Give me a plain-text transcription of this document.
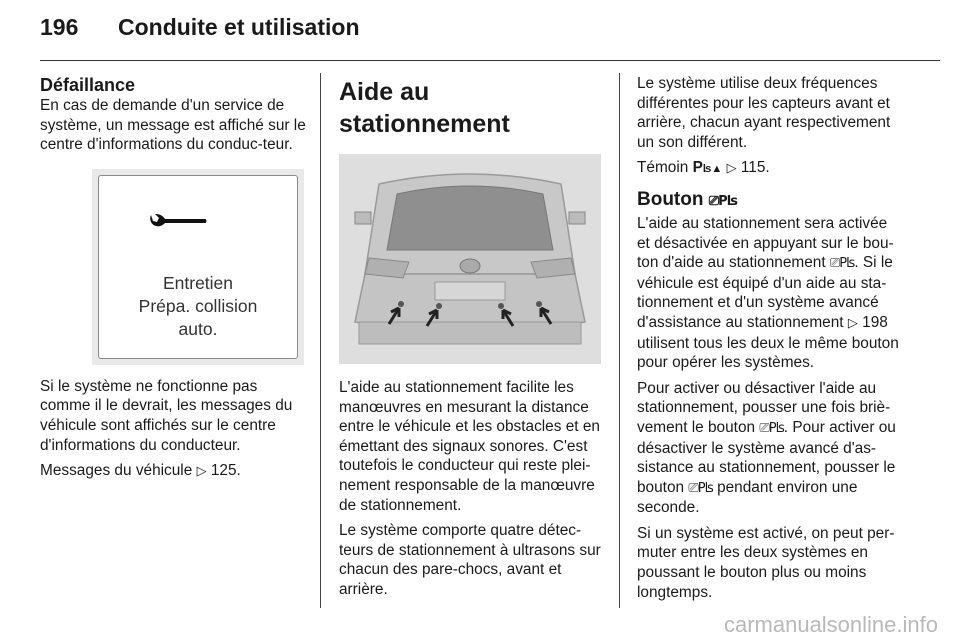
196 Conduite et utilisation
Défaillance

En cas de demande d'un service de système, un message est affiché sur le centre d'informations du conduc-teur.

Entretien
Prépa. collision
auto.

Si le système ne fonctionne pas comme il le devrait, les messages du véhicule sont affichés sur le centre d'informations du conducteur.

Messages du véhicule ▷ 125.

Aide au stationnement

L'aide au stationnement facilite les manœuvres en mesurant la distance entre le véhicule et les obstacles et en émettant des signaux sonores. C'est toutefois le conducteur qui reste plei-nement responsable de la manœuvre de stationnement.

Le système comporte quatre détec-teurs de stationnement à ultrasons sur chacun des pare-chocs, avant et arrière.

Le système utilise deux fréquences différentes pour les capteurs avant et arrière, chacun ayant respectivement un son différent.

Témoin Pʪ▲ ▷ 115.

Bouton ⎚Pʪ

L'aide au stationnement sera activée et désactivée en appuyant sur le bou-ton d'aide au stationnement ⎚Pʪ. Si le véhicule est équipé d'un aide au sta-tionnement et d'un système avancé d'assistance au stationnement ▷ 198 utilisent tous les deux le même bouton pour opérer les systèmes.

Pour activer ou désactiver l'aide au stationnement, pousser une fois briè-vement le bouton ⎚Pʪ. Pour activer ou désactiver le système avancé d'as-sistance au stationnement, pousser le bouton ⎚Pʪ pendant environ une seconde.

Si un système est activé, on peut per-muter entre les deux systèmes en poussant le bouton plus ou moins longtemps.

carmanualsonline.info
